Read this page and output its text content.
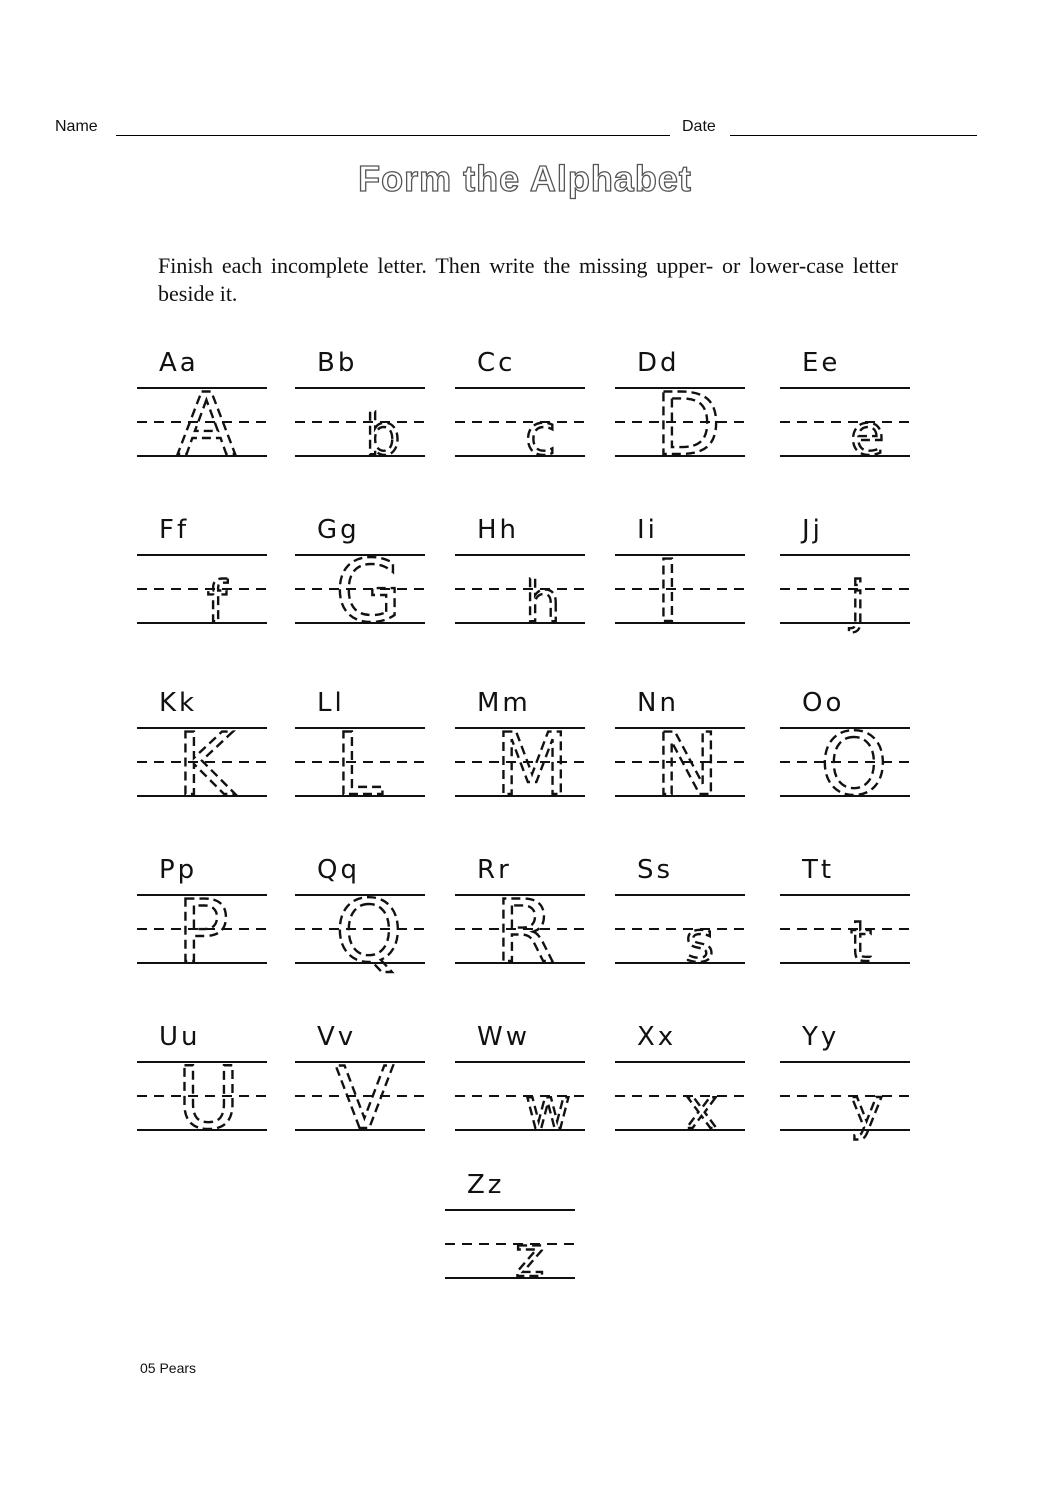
Name	Date
Form the Alphabet
Finish each incomplete letter. Then write the missing upper- or lower-case letter beside it.
Aa
A
Bb
b
Cc
c
Dd
D
Ee
e
Ff
f
Gg
G
Hh
h
Ii
I
Jj
j
Kk
K
Ll
L
Mm
M
Nn
N
Oo
O
Pp
P
Qq
Q
Rr
R
Ss
s
Tt
t
Uu
U
Vv
V
Ww
w
Xx
x
Yy
y
Zz
z
05 Pears
